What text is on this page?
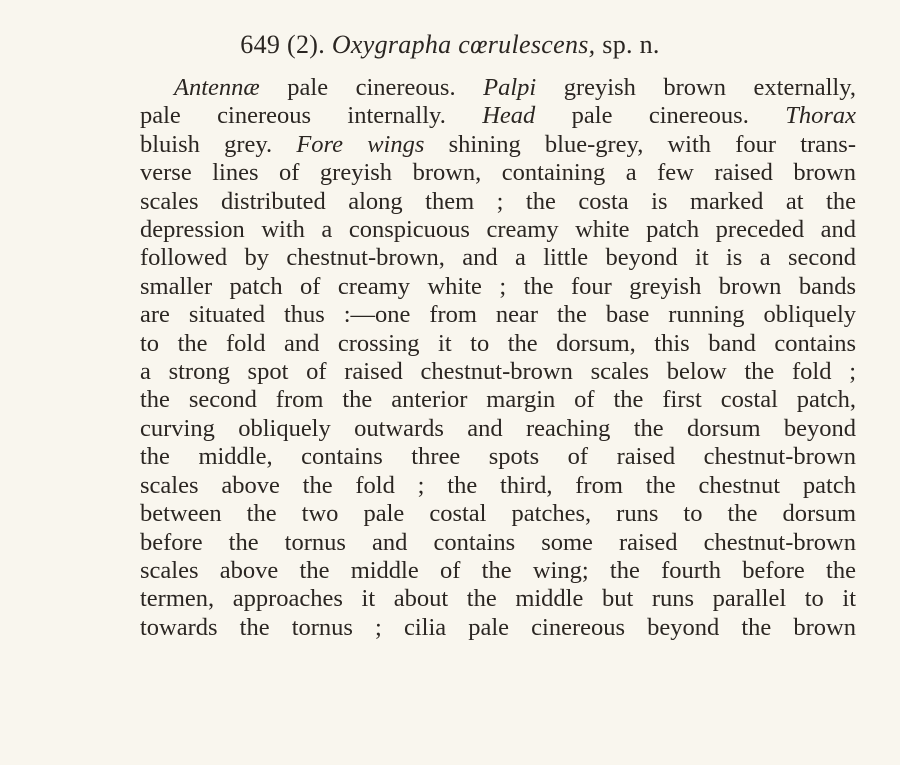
649 (2). Oxygrapha cœrulescens, sp. n.
Antennæ pale cinereous. Palpi greyish brown externally,
pale cinereous internally. Head pale cinereous. Thorax
bluish grey. Fore wings shining blue-grey, with four trans-
verse lines of greyish brown, containing a few raised brown
scales distributed along them ; the costa is marked at the
depression with a conspicuous creamy white patch preceded and
followed by chestnut-brown, and a little beyond it is a second
smaller patch of creamy white ; the four greyish brown bands
are situated thus :—one from near the base running obliquely
to the fold and crossing it to the dorsum, this band contains
a strong spot of raised chestnut-brown scales below the fold ;
the second from the anterior margin of the first costal patch,
curving obliquely outwards and reaching the dorsum beyond
the middle, contains three spots of raised chestnut-brown
scales above the fold ; the third, from the chestnut patch
between the two pale costal patches, runs to the dorsum
before the tornus and contains some raised chestnut-brown
scales above the middle of the wing; the fourth before the
termen, approaches it about the middle but runs parallel to it
towards the tornus ; cilia pale cinereous beyond the brown
